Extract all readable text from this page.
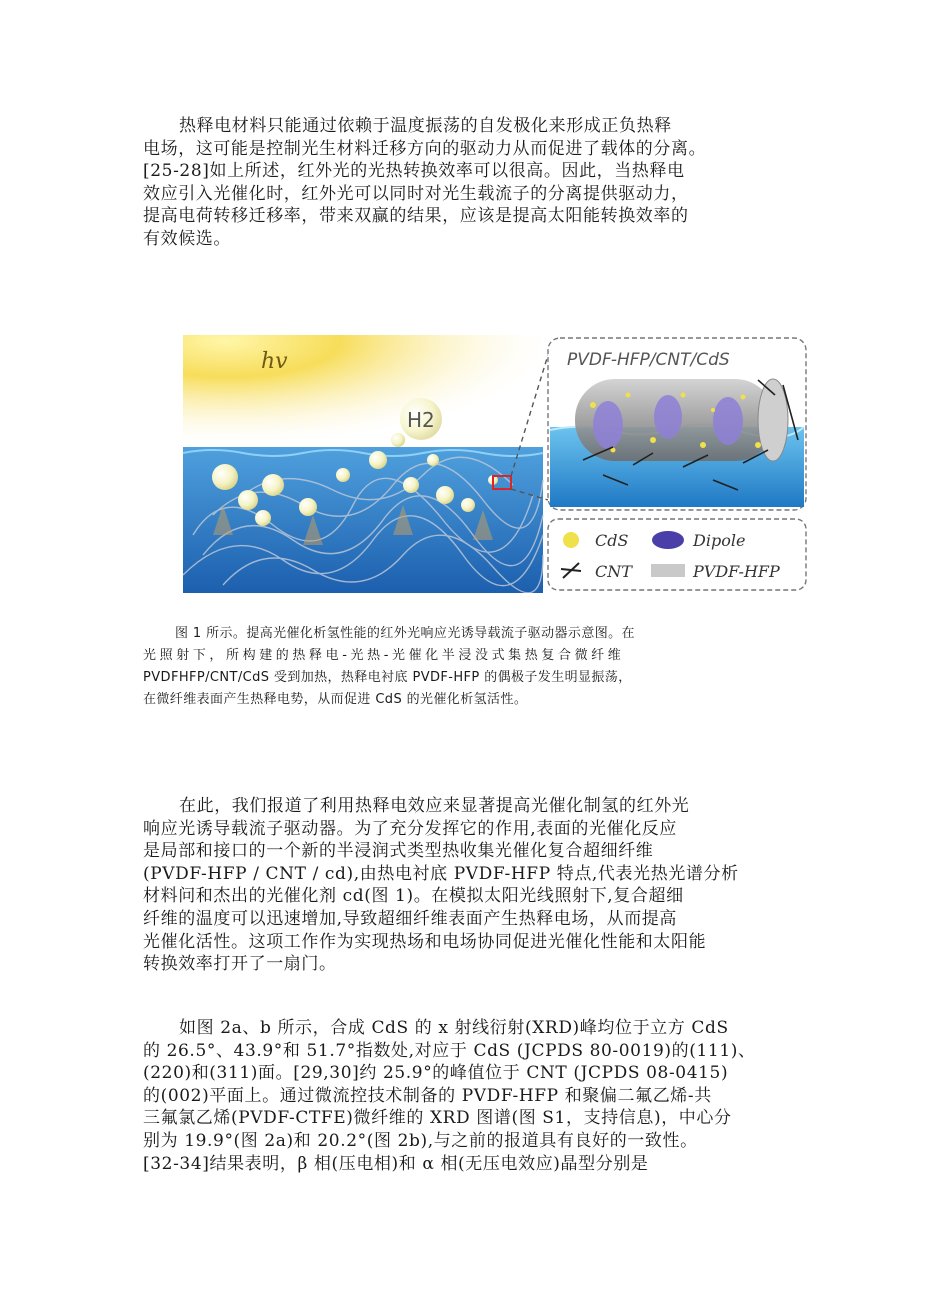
热释电材料只能通过依赖于温度振荡的自发极化来形成正负热释
电场，这可能是控制光生材料迁移方向的驱动力从而促进了载体的分离。
[25-28]如上所述，红外光的光热转换效率可以很高。因此，当热释电
效应引入光催化时，红外光可以同时对光生载流子的分离提供驱动力，
提高电荷转移迁移率，带来双赢的结果，应该是提高太阳能转换效率的
有效候选。
hv
H2
PVDF-HFP/CNT/CdS
CdS	Dipole
CNT	PVDF-HFP
图 1 所示。提高光催化析氢性能的红外光响应光诱导载流子驱动器示意图。在
光照射下，所构建的热释电-光热-光催化半浸没式集热复合微纤维
PVDFHFP/CNT/CdS 受到加热，热释电衬底 PVDF-HFP 的偶极子发生明显振荡，
在微纤维表面产生热释电势，从而促进 CdS 的光催化析氢活性。
在此，我们报道了利用热释电效应来显著提高光催化制氢的红外光
响应光诱导载流子驱动器。为了充分发挥它的作用,表面的光催化反应
是局部和接口的一个新的半浸润式类型热收集光催化复合超细纤维
(PVDF-HFP / CNT / cd),由热电衬底 PVDF-HFP 特点,代表光热光谱分析
材料问和杰出的光催化剂 cd(图 1)。在模拟太阳光线照射下,复合超细
纤维的温度可以迅速增加,导致超细纤维表面产生热释电场，从而提高
光催化活性。这项工作作为实现热场和电场协同促进光催化性能和太阳能
转换效率打开了一扇门。
如图 2a、b 所示，合成 CdS 的 x 射线衍射(XRD)峰均位于立方 CdS
的 26.5°、43.9°和 51.7°指数处,对应于 CdS (JCPDS 80-0019)的(111)、
(220)和(311)面。[29,30]约 25.9°的峰值位于 CNT (JCPDS 08-0415)
的(002)平面上。通过微流控技术制备的 PVDF-HFP 和聚偏二氟乙烯-共
三氟氯乙烯(PVDF-CTFE)微纤维的 XRD 图谱(图 S1，支持信息)，中心分
别为 19.9°(图 2a)和 20.2°(图 2b),与之前的报道具有良好的一致性。
[32-34]结果表明，β 相(压电相)和 α 相(无压电效应)晶型分别是
